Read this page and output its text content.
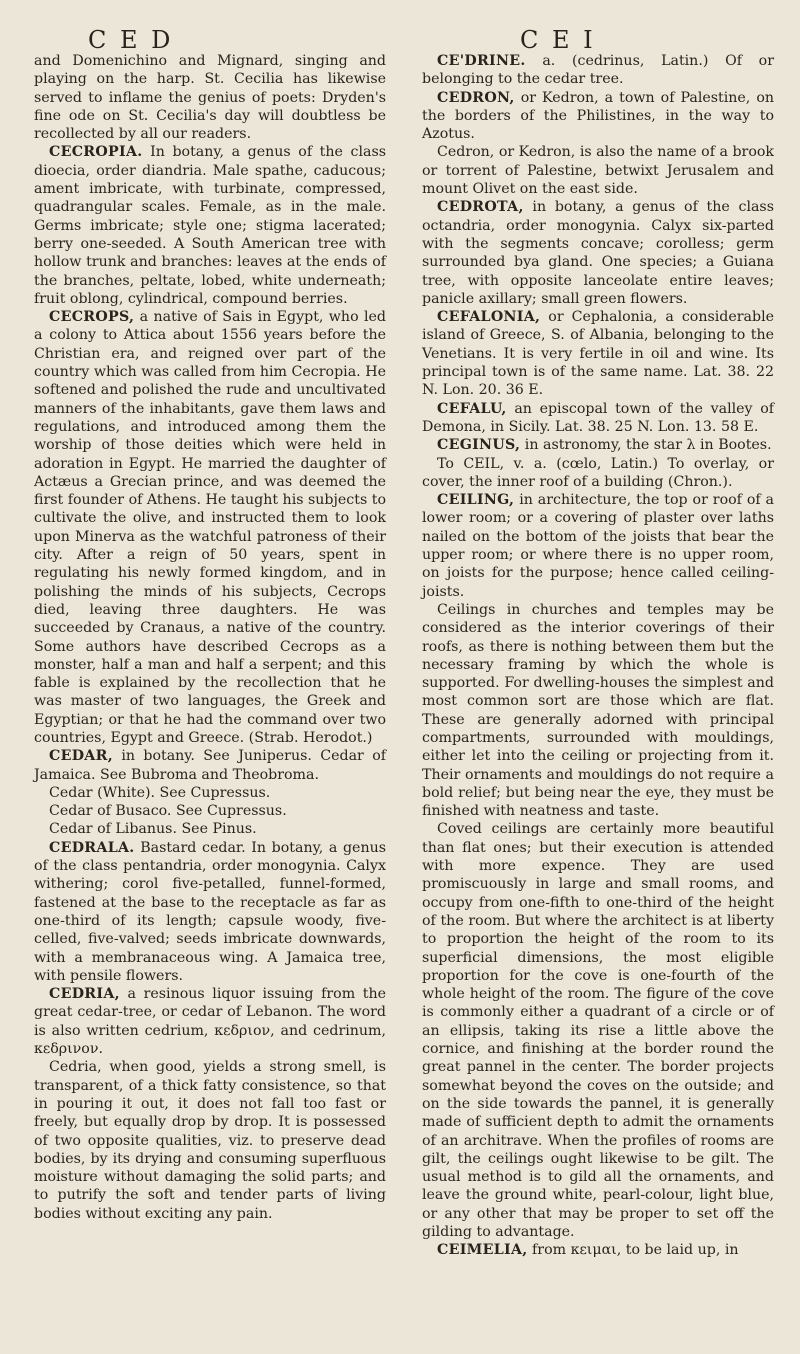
C E D	C E I

and Domenichino and Mignard, singing and playing on the harp. St. Cecilia has likewise served to inflame the genius of poets: Dryden's fine ode on St. Cecilia's day will doubtless be recollected by all our readers.

CECROPIA. In botany, a genus of the class dioecia, order diandria. Male spathe, caducous; ament imbricate, with turbinate, compressed, quadrangular scales. Female, as in the male. Germs imbricate; style one; stigma lacerated; berry one-seeded. A South American tree with hollow trunk and branches: leaves at the ends of the branches, peltate, lobed, white underneath; fruit oblong, cylindrical, compound berries.

CECROPS, a native of Sais in Egypt, who led a colony to Attica about 1556 years before the Christian era, and reigned over part of the country which was called from him Cecropia. He softened and polished the rude and uncultivated manners of the inhabitants, gave them laws and regulations, and introduced among them the worship of those deities which were held in adoration in Egypt. He married the daughter of Actæus a Grecian prince, and was deemed the first founder of Athens. He taught his subjects to cultivate the olive, and instructed them to look upon Minerva as the watchful patroness of their city. After a reign of 50 years, spent in regulating his newly formed kingdom, and in polishing the minds of his subjects, Cecrops died, leaving three daughters. He was succeeded by Cranaus, a native of the country. Some authors have described Cecrops as a monster, half a man and half a serpent; and this fable is explained by the recollection that he was master of two languages, the Greek and Egyptian; or that he had the command over two countries, Egypt and Greece. (Strab. Herodot.)

CEDAR, in botany. See Juniperus. Cedar of Jamaica. See Bubroma and Theobroma.

Cedar (White). See Cupressus.

Cedar of Busaco. See Cupressus.

Cedar of Libanus. See Pinus.

CEDRALA. Bastard cedar. In botany, a genus of the class pentandria, order monogynia. Calyx withering; corol five-petalled, funnel-formed, fastened at the base to the receptacle as far as one-third of its length; capsule woody, five-celled, five-valved; seeds imbricate downwards, with a membranaceous wing. A Jamaica tree, with pensile flowers.

CEDRIA, a resinous liquor issuing from the great cedar-tree, or cedar of Lebanon. The word is also written cedrium, κεδριον, and cedrinum, κεδρινον.

Cedria, when good, yields a strong smell, is transparent, of a thick fatty consistence, so that in pouring it out, it does not fall too fast or freely, but equally drop by drop. It is possessed of two opposite qualities, viz. to preserve dead bodies, by its drying and consuming superfluous moisture without damaging the solid parts; and to putrify the soft and tender parts of living bodies without exciting any pain.

CE'DRINE. a. (cedrinus, Latin.) Of or belonging to the cedar tree.

CEDRON, or Kedron, a town of Palestine, on the borders of the Philistines, in the way to Azotus.

Cedron, or Kedron, is also the name of a brook or torrent of Palestine, betwixt Jerusalem and mount Olivet on the east side.

CEDROTA, in botany, a genus of the class octandria, order monogynia. Calyx six-parted with the segments concave; corolless; germ surrounded bya gland. One species; a Guiana tree, with opposite lanceolate entire leaves; panicle axillary; small green flowers.

CEFALONIA, or Cephalonia, a considerable island of Greece, S. of Albania, belonging to the Venetians. It is very fertile in oil and wine. Its principal town is of the same name. Lat. 38. 22 N. Lon. 20. 36 E.

CEFALU, an episcopal town of the valley of Demona, in Sicily. Lat. 38. 25 N. Lon. 13. 58 E.

CEGINUS, in astronomy, the star λ in Bootes.

To CEIL, v. a. (cœlo, Latin.) To overlay, or cover, the inner roof of a building (Chron.).

CEILING, in architecture, the top or roof of a lower room; or a covering of plaster over laths nailed on the bottom of the joists that bear the upper room; or where there is no upper room, on joists for the purpose; hence called ceiling-joists.

Ceilings in churches and temples may be considered as the interior coverings of their roofs, as there is nothing between them but the necessary framing by which the whole is supported. For dwelling-houses the simplest and most common sort are those which are flat. These are generally adorned with principal compartments, surrounded with mouldings, either let into the ceiling or projecting from it. Their ornaments and mouldings do not require a bold relief; but being near the eye, they must be finished with neatness and taste.

Coved ceilings are certainly more beautiful than flat ones; but their execution is attended with more expence. They are used promiscuously in large and small rooms, and occupy from one-fifth to one-third of the height of the room. But where the architect is at liberty to proportion the height of the room to its superficial dimensions, the most eligible proportion for the cove is one-fourth of the whole height of the room. The figure of the cove is commonly either a quadrant of a circle or of an ellipsis, taking its rise a little above the cornice, and finishing at the border round the great pannel in the center. The border projects somewhat beyond the coves on the outside; and on the side towards the pannel, it is generally made of sufficient depth to admit the ornaments of an architrave. When the profiles of rooms are gilt, the ceilings ought likewise to be gilt. The usual method is to gild all the ornaments, and leave the ground white, pearl-colour, light blue, or any other that may be proper to set off the gilding to advantage.

CEIMELIA, from κειμαι, to be laid up, in
